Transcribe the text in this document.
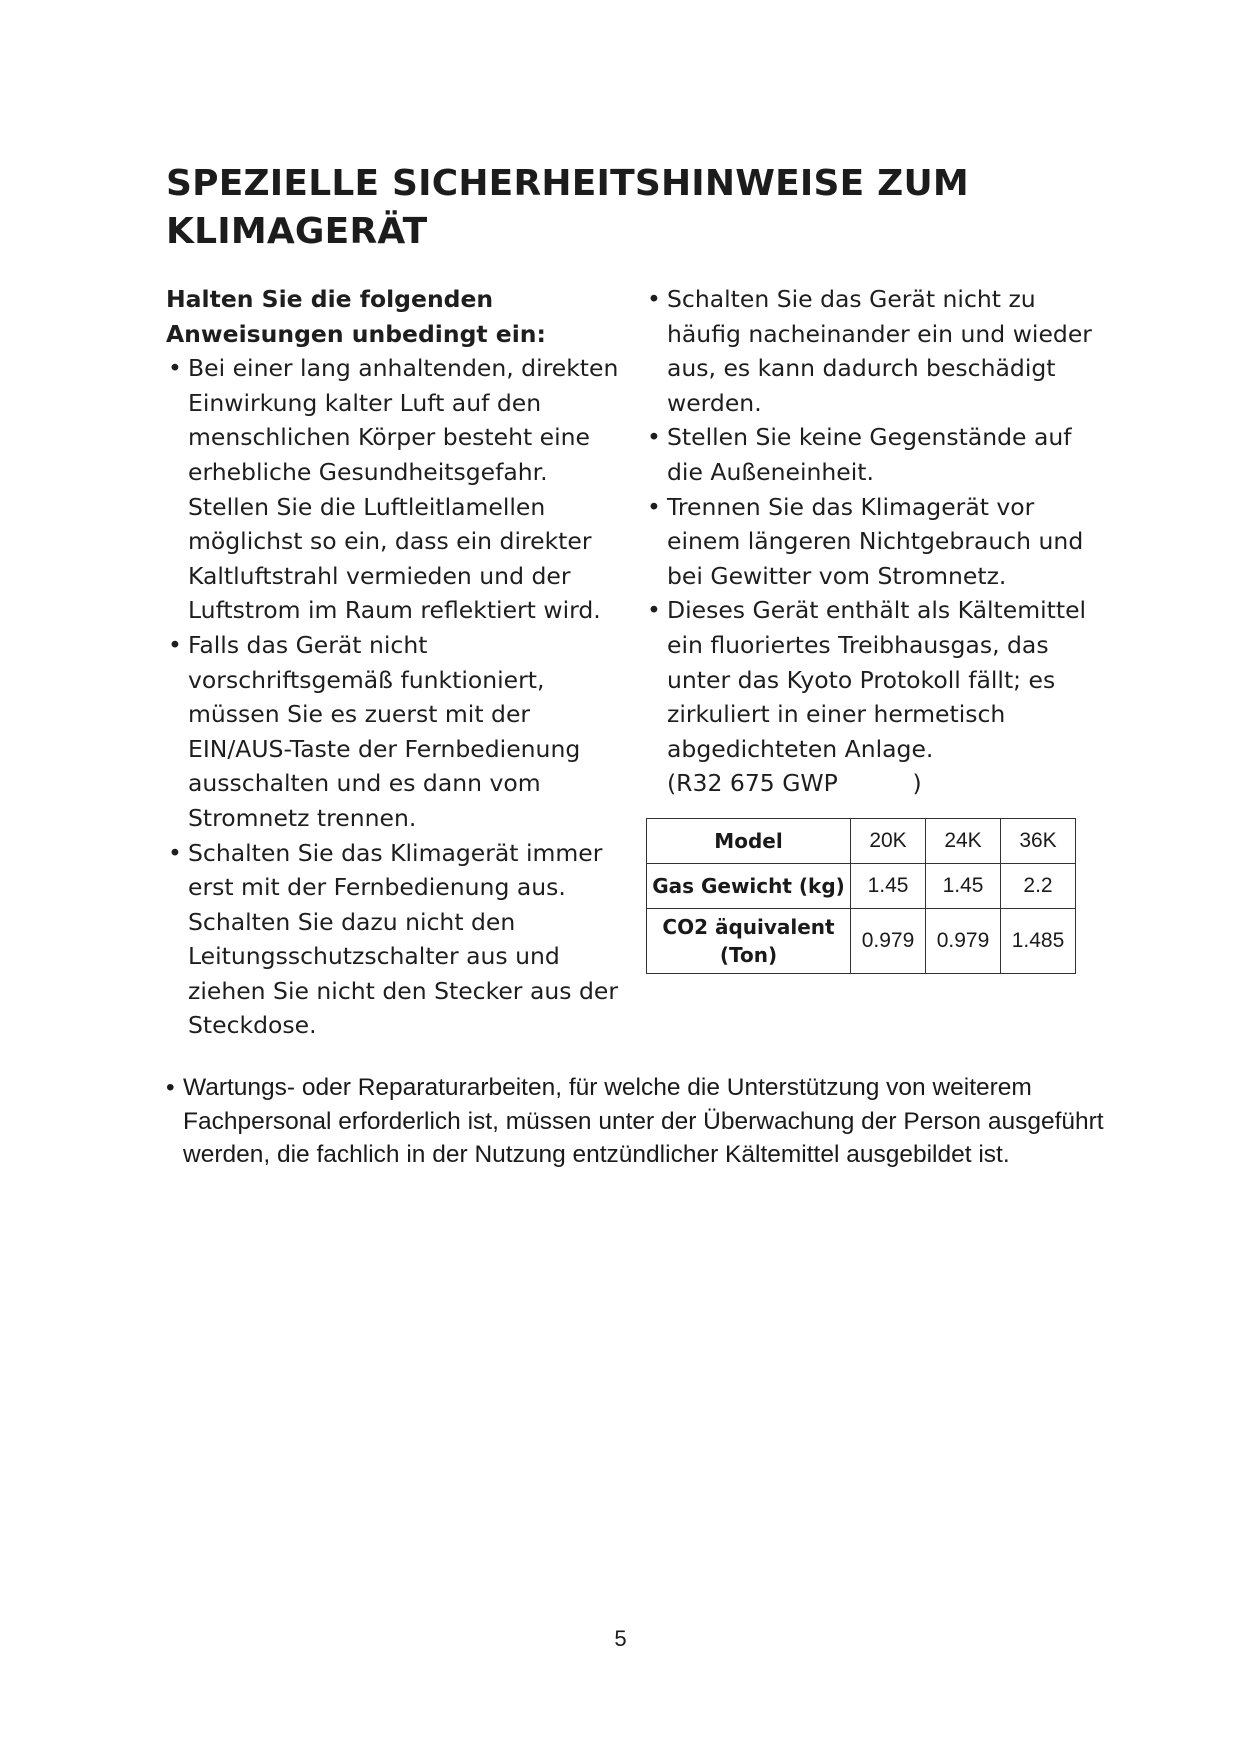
SPEZIELLE SICHERHEITSHINWEISE ZUM
KLIMAGERÄT

Halten Sie die folgenden Anweisungen unbedingt ein:

• Bei einer lang anhaltenden, direkten Einwirkung kalter Luft auf den menschlichen Körper besteht eine erhebliche Gesundheitsgefahr. Stellen Sie die Luftleitlamellen möglichst so ein, dass ein direkter Kaltluftstrahl vermieden und der Luftstrom im Raum reflektiert wird.
• Falls das Gerät nicht vorschriftsgemäß funktioniert, müssen Sie es zuerst mit der EIN/AUS-Taste der Fernbedienung ausschalten und es dann vom Stromnetz trennen.
• Schalten Sie das Klimagerät immer erst mit der Fernbedienung aus. Schalten Sie dazu nicht den Leitungsschutzschalter aus und ziehen Sie nicht den Stecker aus der Steckdose.
• Schalten Sie das Gerät nicht zu häufig nacheinander ein und wieder aus, es kann dadurch beschädigt werden.
• Stellen Sie keine Gegenstände auf die Außeneinheit.
• Trennen Sie das Klimagerät vor einem längeren Nichtgebrauch und bei Gewitter vom Stromnetz.
• Dieses Gerät enthält als Kältemittel ein fluoriertes Treibhausgas, das unter das Kyoto Protokoll fällt; es zirkuliert in einer hermetisch abgedichteten Anlage.
(R32 675 GWP          )
Model	20K	24K	36K
Gas Gewicht (kg)	1.45	1.45	2.2
CO2 äquivalent (Ton)	0.979	0.979	1.485
• Wartungs- oder Reparaturarbeiten, für welche die Unterstützung von weiterem Fachpersonal erforderlich ist, müssen unter der Überwachung der Person ausgeführt werden, die fachlich in der Nutzung entzündlicher Kältemittel ausgebildet ist.
5
